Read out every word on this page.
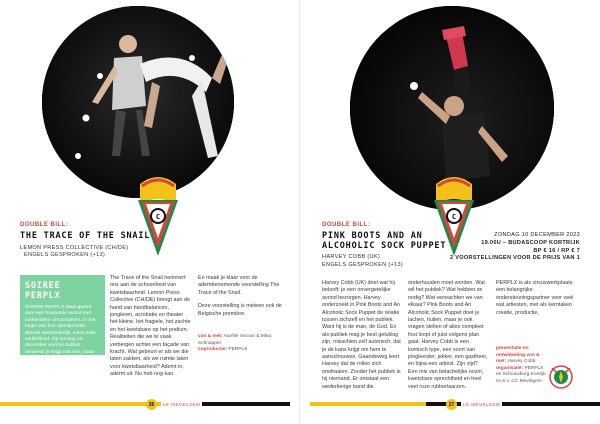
C
DOUBLE BILL:
THE TRACE OF THE SNAIL
LEMON PRESS COLLECTIVE (CH/DE)
ENGELS GESPROKEN (+13)
SOIREE PERPLX
SOIREE PERPLX staat garant voor een bruisende avond met authentieke circusmakers. In het begin van hun speelperiode. Steeds verwonderlijk, soms zelfs verbluffend. Op zondag 10 december word je dubbel verwend: je krijgt niet één, maar twee twee bijzondere voorstellingen te zien.

The Trace of the Snail herinnert ons aan de schoonheid van kwetsbaarheid. Lemon Press Collective (CH/DE) brengt aan de hand van handbalancen, jongleren, acrobatie en theater het kleine, het fragiele, het zachte en het kwetsbare op het podium. Realiteiten die we te vaak verbergen achter een façade van kracht. Wat gebeurt er als we die laten zakken, als we ruimte laten voor kwetsbaarheid? Ademt in, ademt uit. Nu heb nog kan.

En maak je klaar voor de adembenemende voorstelling The Trace of the Snail.

Deze voorstelling is meteen ook de Belgische première.

van & met: Aurélie Secoor & Mika Schnapper
coproductie: PERPLX
26	LE MEVELSEM
C
DOUBLE BILL:
PINK BOOTS AND AN
ALCOHOLIC SOCK PUPPET
HARVEY COBB (UK)
ENGELS GESPROKEN (+13)
ZONDAG 10 DECEMBER 2023
19.00U – BUDASCOOP KORTRIJK
BP € 16 / RP € 7
2 VOORSTELLINGEN VOOR DE PRIJS VAN 1

Harvey Cobb (UK) doet wat hij belooft: je een onvergetelijke avond bezorgen. Harvey onderzoekt in Pink Boots and An Alcoholic Sock Puppet de relatie tussen zichzelf en het publiek. Want hij is de man, de God. En als publiek mag je best gelukkig zijn, misschien zelf autorisch, dat je de kans krijgt om hem te aanschouwen. Gaandeweg leert Harvey dat de rollen zich omdraaien. Zonder het publiek is hij niemand. Er ontstaat een wederkerige band die

onderhouden moet worden. Wat wil het publiek? Wat hebben ze nodig? Wat verwachten we van elkaar? Pink Boots and An Alcoholic Sock Puppet doet je lachen, huilen, maar je ook vragen stellen of alles compleet fout loopt of juist volgens plan gaat. Harvey Cobb is een komisch type, een soort van jongleerder, jekker, een gastheer, en bijna een artiest. Zijn vijd? Een mix van belachelijke onzin, kwetsbare oprechtheid en heel veel roze rubberlaarzen.

PERPLX is als circuswerkplaats een belangrijke ondersteuningspartner voor veel wat artiesten, met als kerntaken creatie, productie,

presentatie en ontwikkeling van & met: Harvey Cobb
organisatie: PERPLX en Schouwburg Kortrijk m.m.v. CC Mevelgem
27	LE MEVELSEM
